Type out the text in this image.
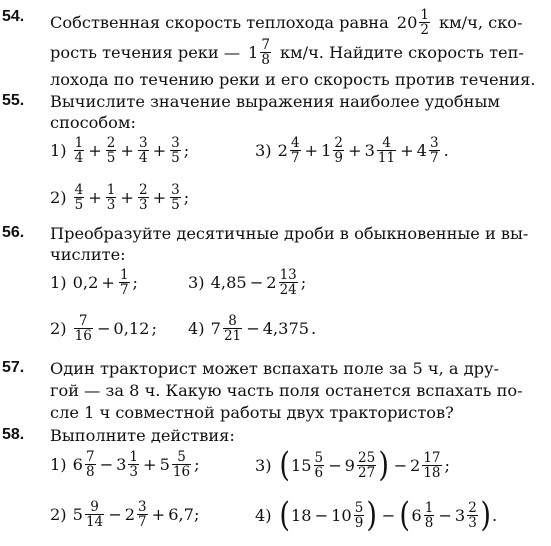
54. Собственная скорость теплохода равна $20 \frac{1}{2} км/ч$, ско-
рость течения реки — $1 \frac{7}{8} км/ч$. Найдите скорость теп-
лохода по течению реки и его скорость против течения.
55. Вычислите значение выражения наиболее удобным
способом:
$1) \frac{1}{4} + \frac{2}{5} + \frac{3}{4} + \frac{3}{5}$ ;	3) $2 \frac{4}{7} + 1 \frac{2}{9} + 3 \frac{4}{11} + 4 \frac{3}{7}$ .
$2) \frac{4}{5} + \frac{1}{3} + \frac{2}{3} + \frac{3}{5}$ ;
56. Преобразуйте десятичные дроби в обыкновенные и вы-
числите:
1) $0,2 + \frac{1}{7}$ ;	3) $4,85 - 2 \frac{13}{24}$ ;
$2) \frac{7}{16} - 0,12$ ; 4) $7 \frac{8}{21} - 4,375$ .
57. Один тракторист может вспахать поле за 5 ч, а дру-
гой — за 8 ч. Какую часть поля останется вспахать по-
сле 1 ч совместной работы двух трактористов?
58. Выполните действия:
1) $6 \frac{7}{8} - 3 \frac{1}{3} + 5 \frac{5}{16}$ ;	3) ( $15 \frac{5}{6} - 9 \frac{25}{27}$ ) − $2 \frac{17}{18}$ ;
2) $5 \frac{9}{14} - 2 \frac{3}{7} + 6,7$ ;	4) ( $18 - 10 \frac{5}{9}$ ) − ( $6 \frac{1}{8} - 3 \frac{2}{3}$ ) .
